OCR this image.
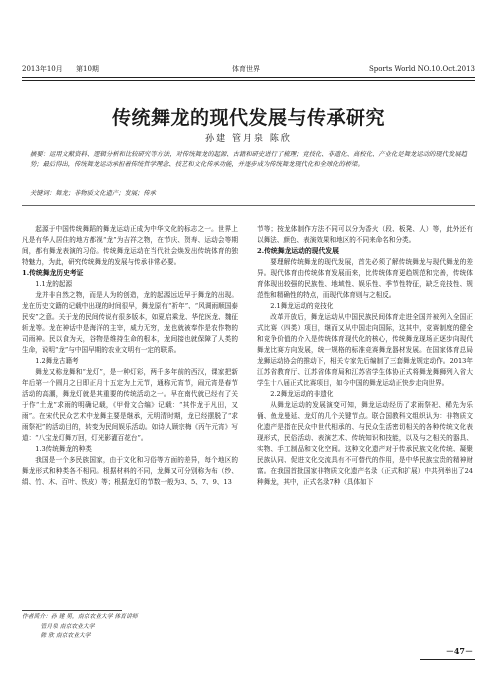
2013年10月 第10期	体育世界	Sports World NO.10.Oct.2013
传统舞龙的现代发展与传承研究
孙建 管月泉 陈欣
摘要：运用文献资料、逻辑分析和比较研究等方法，对传统舞龙的起源、古籍和研史进行了梳理；竞技化、非遗化、高校化、产业化是舞龙运动的现代发展趋势；最后得出，传统舞龙运动承担着传统哲学理念、技艺和文化传承功能，并逐步成为传统舞龙现代化和全球化的桥梁。
关键词：舞龙；非物质文化遗产；发展；传承

起源于中国传统舞蹈的舞龙运动正成为中华文化的标志之一。世界上凡是有华人居住的地方都视“龙”为吉祥之物，在节庆、贺寿、运动会等期间，都有舞龙表演的习俗。传统舞龙运动在当代社会焕发出传统体育的独特魅力，为此，研究传统舞龙的发展与传承非常必要。

1.传统舞龙历史考证
1.1龙的起源

龙并非自然之物，而是人为的创造，龙的起源远近早于舞龙的出现。龙在历史文籍的记载中出现的时间很早，舞龙原有“祈年”、“风调雨顺国泰民安”之意。关于龙的民间传说有很多版本，如夏启乘龙、华佗医龙、魏征斩龙等。龙在神话中是海洋的主宰，威力无穷，龙也就被奉作是农作物的司雨神。民以食为天，谷物是维持生命的根本，龙间接也就保障了人类的生命，说明“龙”与中国早期的农业文明有一定的联系。

1.2舞龙古籍考

舞龙又称龙舞和“龙灯”，是一种灯彩，两千多年前的西汉，课家把新年后第一个圆月之日即正月十五定为上元节，通称元宵节，闹元宵是春节活动的高潮，舞龙灯就是其重要的传统活动之一。早在南代就已经有了关于作“土龙”求雨的明确记载，《甲骨文合编》记载：“其作龙于凡田，又雨”。在宋代民众艺术中龙舞主要是继承，元明清时期，龙已经摆脱了“求雨祭祀”的活动目的，转变为民间娱乐活动。如诗人顾宗梅《丙午元宵》写道：“八宝龙灯舞万回，灯光影灌百花台”。

1.3传统舞龙的种类

我国是一个多民族国家，由于文化和习俗等方面的差异，每个地区的舞龙形式和种类各不相同。根据材料的不同，龙舞又可分别称为布（纱、绢、竹、木、百叶、铁皮）等；根据龙灯的节数一般为3、5、7、9、13

节等；按龙体制作方法不同可以分为香火（段、板凳、人）等，此外还有以舞法、颜色、表演效果和地区的不同来命名和分类。

2.传统舞龙运动的现代发展

要理解传统舞龙的现代发展，首先必须了解传统舞龙与现代舞龙的差异。现代体育由传统体育发展而来，比传统体育更趋规范和完善，传统体育体现出较强的民族性、地域性、娱乐性、季节性特征，缺乏竞技性、规范性和精确性的特点，而现代体育则与之相反。

2.1舞龙运动的竞技化

改革开放后，舞龙运动从中国民族民间体育走进全国并被列入全国正式比赛（四类）项目，继而又从中国走向国际，这其中，竞赛制度的健全和竞争价值的介入是传统体育现代化的核心，传统舞龙现场正逐步向现代舞龙比赛方向发展，统一规格的标准竞赛舞龙器材发展。在国家体育总局龙狮运动协会的推动下，相关专家先后编制了三套舞龙规定动作。2013年江苏省教育厅、江苏省体育局和江苏省学生体协正式将舞龙舞狮列入省大学生十八届正式比赛项目，如今中国的舞龙运动正快步走向世界。

2.2舞龙运动的非遗化

从舞龙运动的发展演变可知，舞龙运动经历了求雨祭祀、稀先为乐俑、鱼龙曼延、龙灯的几个关键节点。联合国教科文组织认为：非物质文化遗产是指在民众中世代相承的、与民众生活密切相关的各种传统文化表现形式，民俗活动、表演艺术、传统知识和技能，以及与之相关的器具、实物、手工制品和文化空间。这种文化遗产对于传承民族文化传统、凝聚民族认同、促进文化交流具有不可替代的作用，是中华民族宝贵的精神财富。在我国首批国家非物质文化遗产名录（正式和扩展）中共列举出了24种舞龙，其中，正式名录7种（具体如下

作者简介：孙 建 男，南京农业大学 体育讲师
管月泉 南京农业大学
陈 欣 南京农业大学
－47－
